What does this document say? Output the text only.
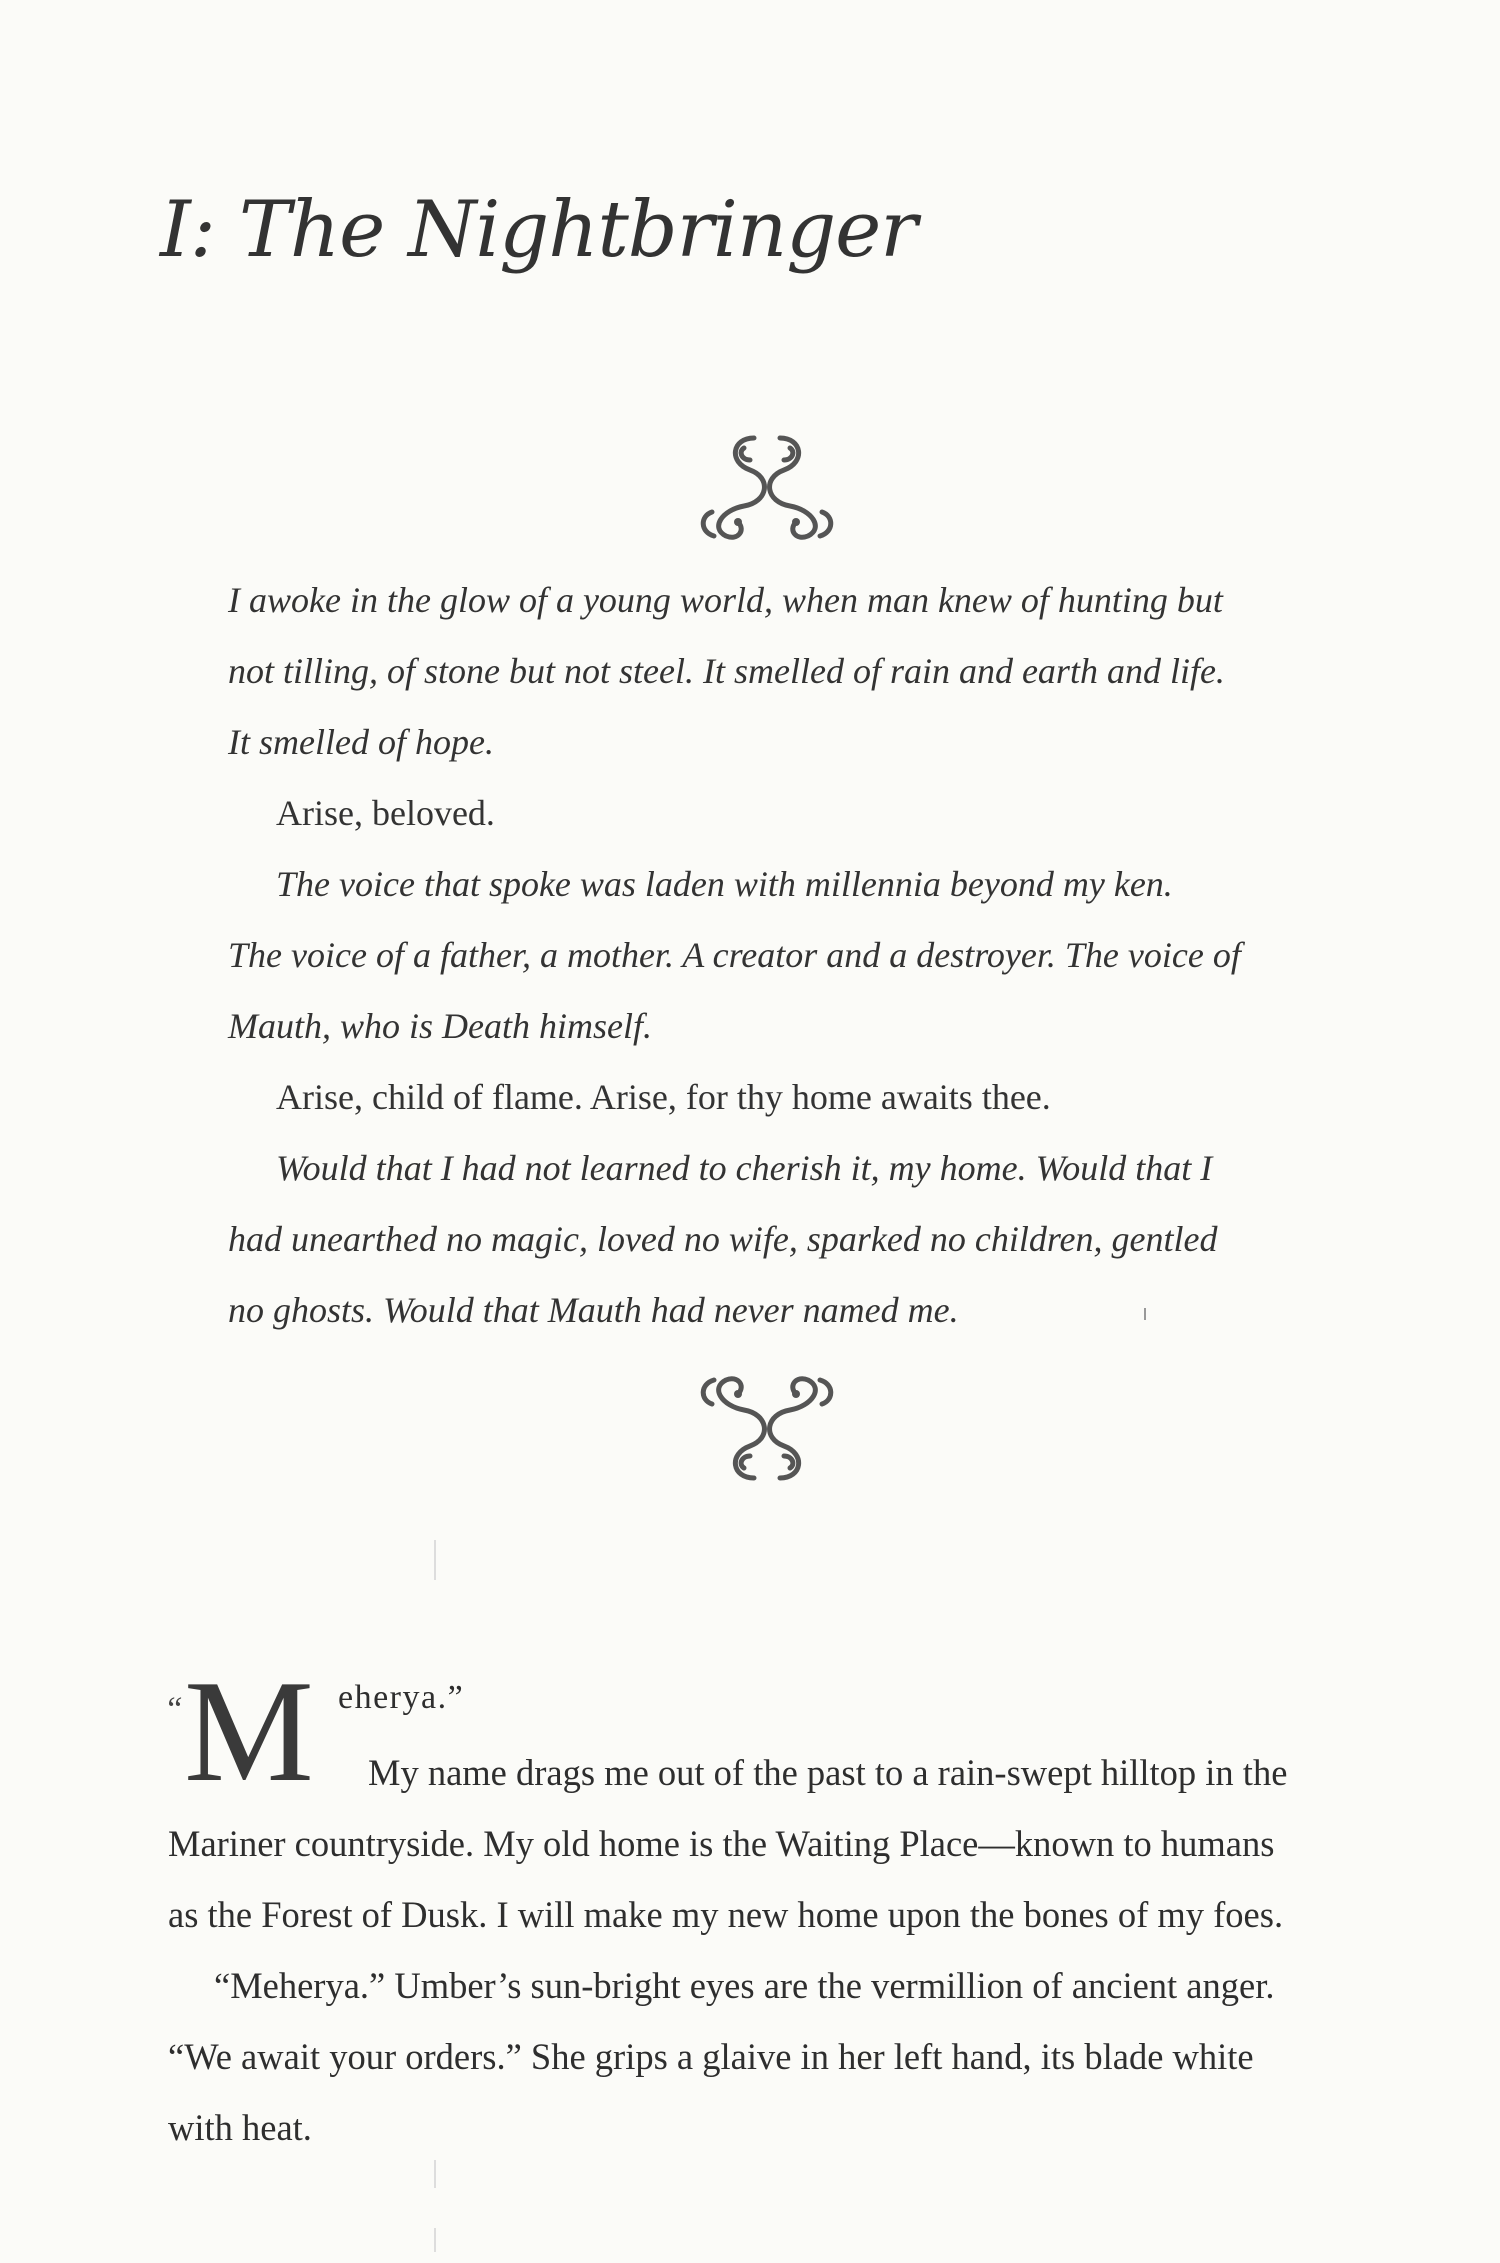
I: The Nightbringer

I awoke in the glow of a young world, when man knew of hunting but

not tilling, of stone but not steel. It smelled of rain and earth and life.

It smelled of hope.

Arise, beloved.

The voice that spoke was laden with millennia beyond my ken.

The voice of a father, a mother. A creator and a destroyer. The voice of

Mauth, who is Death himself.

Arise, child of flame. Arise, for thy home awaits thee.

Would that I had not learned to cherish it, my home. Would that I

had unearthed no magic, loved no wife, sparked no children, gentled

no ghosts. Would that Mauth had never named me.

“ M eherya.”
My name drags me out of the past to a rain-swept hilltop in the

Mariner countryside. My old home is the Waiting Place—known to humans

as the Forest of Dusk. I will make my new home upon the bones of my foes.

“Meherya.” Umber’s sun-bright eyes are the vermillion of ancient anger.

“We await your orders.” She grips a glaive in her left hand, its blade white

with heat.
